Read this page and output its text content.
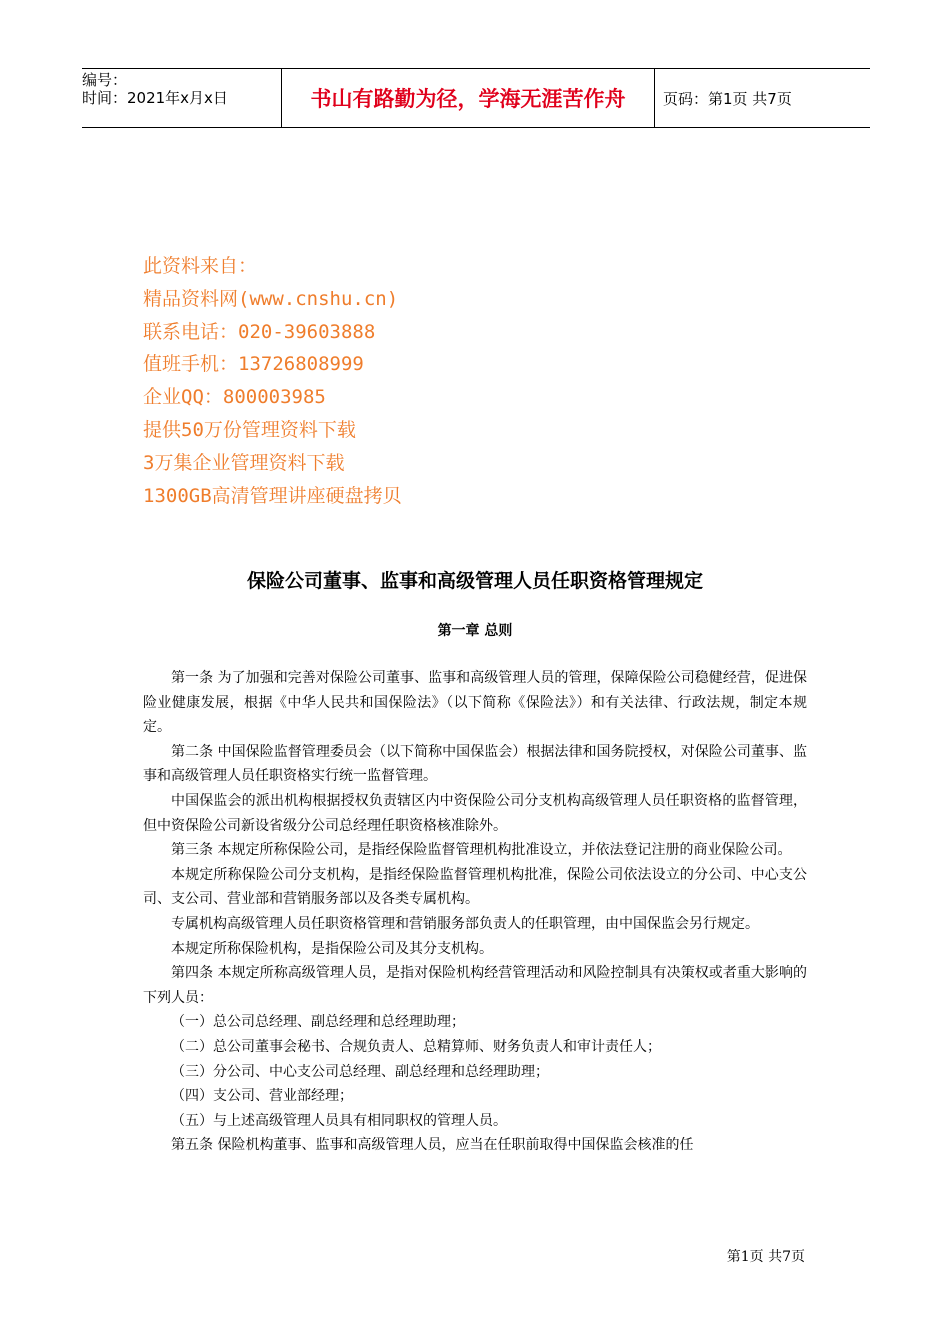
编号：
时间：2021年x月x日	书山有路勤为径，学海无涯苦作舟	页码：第1页 共7页
此资料来自：
精品资料网(www.cnshu.cn)
联系电话：020-39603888
值班手机：13726808999
企业QQ：800003985
提供50万份管理资料下载
3万集企业管理资料下载
1300GB高清管理讲座硬盘拷贝
保险公司董事、监事和高级管理人员任职资格管理规定
第一章 总则

第一条 为了加强和完善对保险公司董事、监事和高级管理人员的管理，保障保险公司稳健经营，促进保险业健康发展，根据《中华人民共和国保险法》（以下简称《保险法》）和有关法律、行政法规，制定本规定。

第二条 中国保险监督管理委员会（以下简称中国保监会）根据法律和国务院授权，对保险公司董事、监事和高级管理人员任职资格实行统一监督管理。

中国保监会的派出机构根据授权负责辖区内中资保险公司分支机构高级管理人员任职资格的监督管理，但中资保险公司新设省级分公司总经理任职资格核准除外。

第三条 本规定所称保险公司，是指经保险监督管理机构批准设立，并依法登记注册的商业保险公司。

本规定所称保险公司分支机构，是指经保险监督管理机构批准，保险公司依法设立的分公司、中心支公司、支公司、营业部和营销服务部以及各类专属机构。

专属机构高级管理人员任职资格管理和营销服务部负责人的任职管理，由中国保监会另行规定。

本规定所称保险机构，是指保险公司及其分支机构。

第四条 本规定所称高级管理人员，是指对保险机构经营管理活动和风险控制具有决策权或者重大影响的下列人员：

（一）总公司总经理、副总经理和总经理助理；

（二）总公司董事会秘书、合规负责人、总精算师、财务负责人和审计责任人；

（三）分公司、中心支公司总经理、副总经理和总经理助理；

（四）支公司、营业部经理；

（五）与上述高级管理人员具有相同职权的管理人员。

第五条 保险机构董事、监事和高级管理人员，应当在任职前取得中国保监会核准的任

第1页 共7页
